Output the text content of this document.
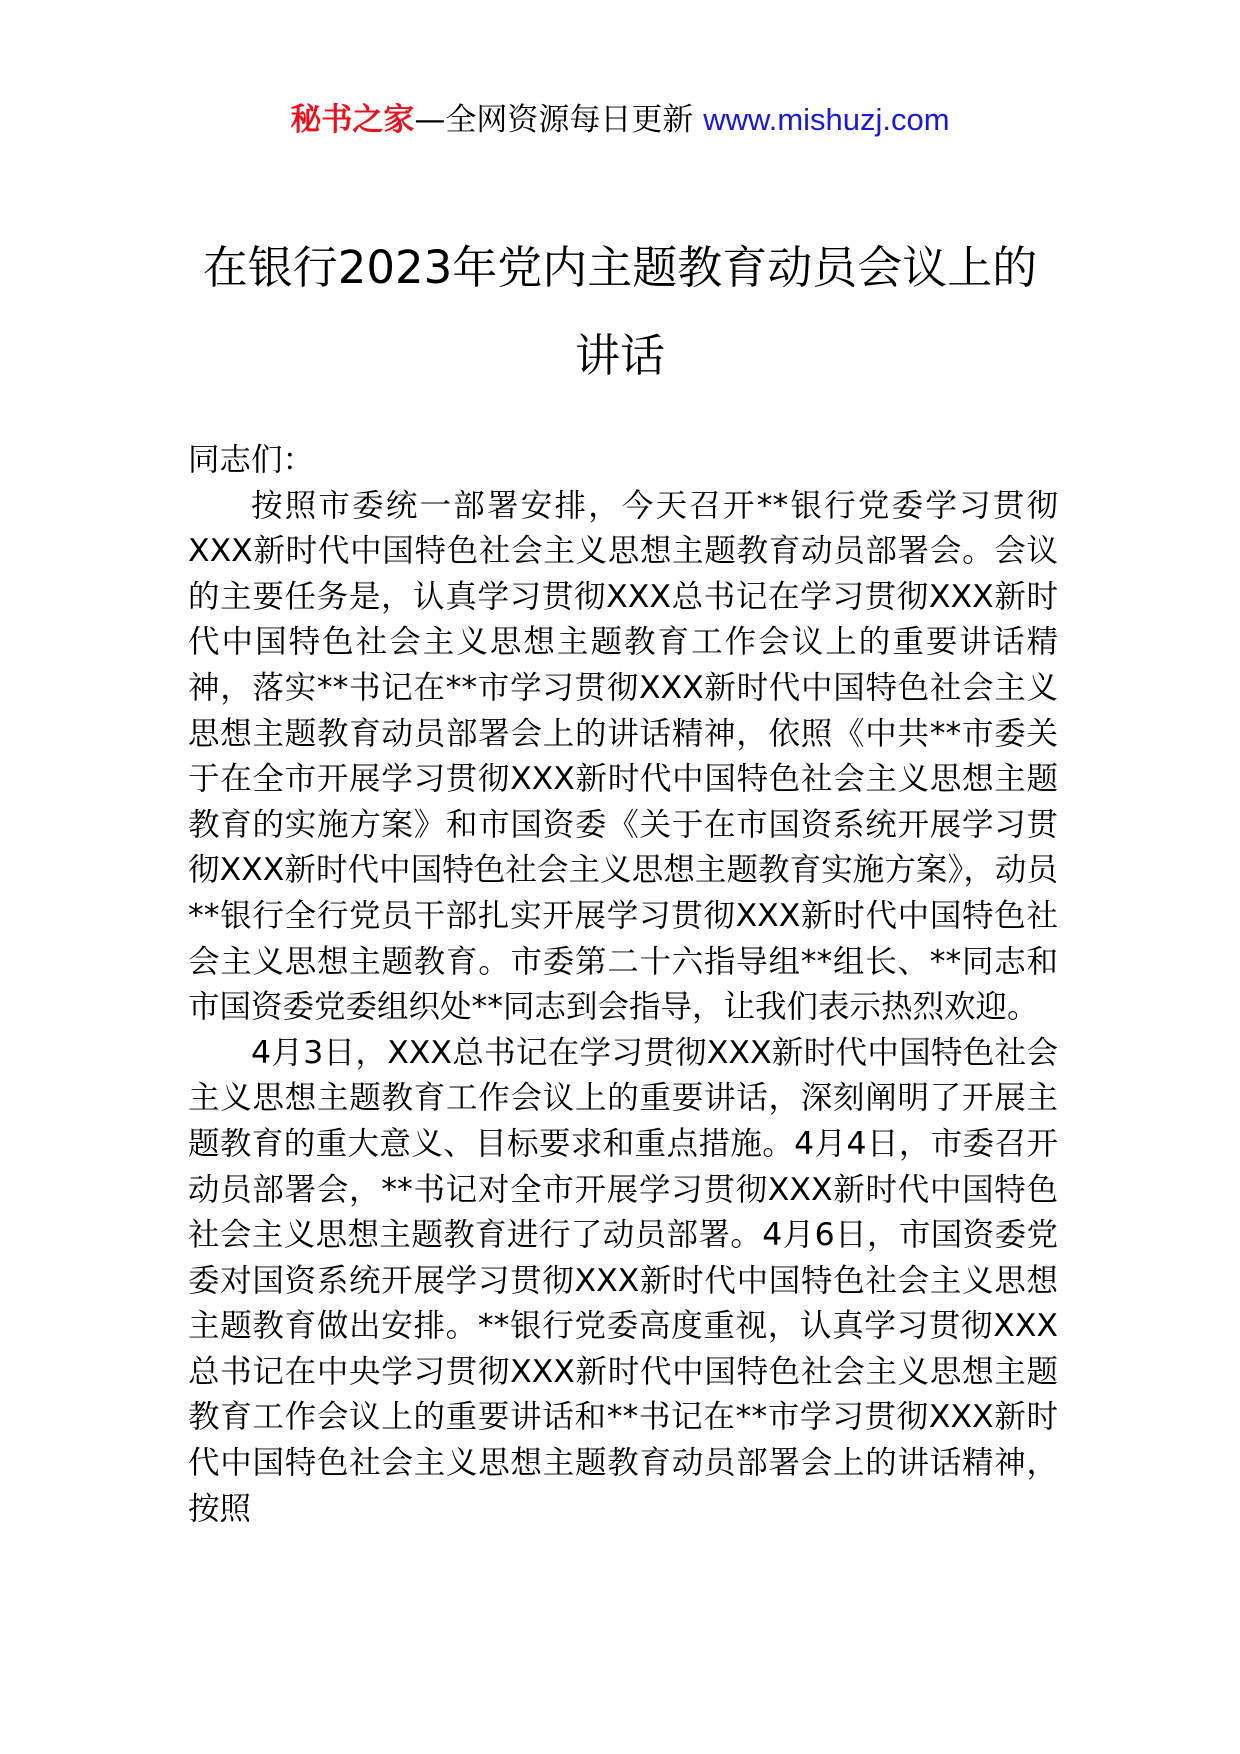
秘书之家—全网资源每日更新 www.mishuzj.com
在银行2023年党内主题教育动员会议上的
讲话

同志们：

按照市委统一部署安排，今天召开**银行党委学习贯彻XXX新时代中国特色社会主义思想主题教育动员部署会。会议的主要任务是，认真学习贯彻XXX总书记在学习贯彻XXX新时代中国特色社会主义思想主题教育工作会议上的重要讲话精神，落实**书记在**市学习贯彻XXX新时代中国特色社会主义思想主题教育动员部署会上的讲话精神，依照《中共**市委关于在全市开展学习贯彻XXX新时代中国特色社会主义思想主题教育的实施方案》和市国资委《关于在市国资系统开展学习贯彻XXX新时代中国特色社会主义思想主题教育实施方案》，动员**银行全行党员干部扎实开展学习贯彻XXX新时代中国特色社会主义思想主题教育。市委第二十六指导组**组长、**同志和市国资委党委组织处**同志到会指导，让我们表示热烈欢迎。

4月3日，XXX总书记在学习贯彻XXX新时代中国特色社会主义思想主题教育工作会议上的重要讲话，深刻阐明了开展主题教育的重大意义、目标要求和重点措施。4月4日，市委召开动员部署会，**书记对全市开展学习贯彻XXX新时代中国特色社会主义思想主题教育进行了动员部署。4月6日，市国资委党委对国资系统开展学习贯彻XXX新时代中国特色社会主义思想主题教育做出安排。**银行党委高度重视，认真学习贯彻XXX总书记在中央学习贯彻XXX新时代中国特色社会主义思想主题教育工作会议上的重要讲话和**书记在**市学习贯彻XXX新时代中国特色社会主义思想主题教育动员部署会上的讲话精神，按照
